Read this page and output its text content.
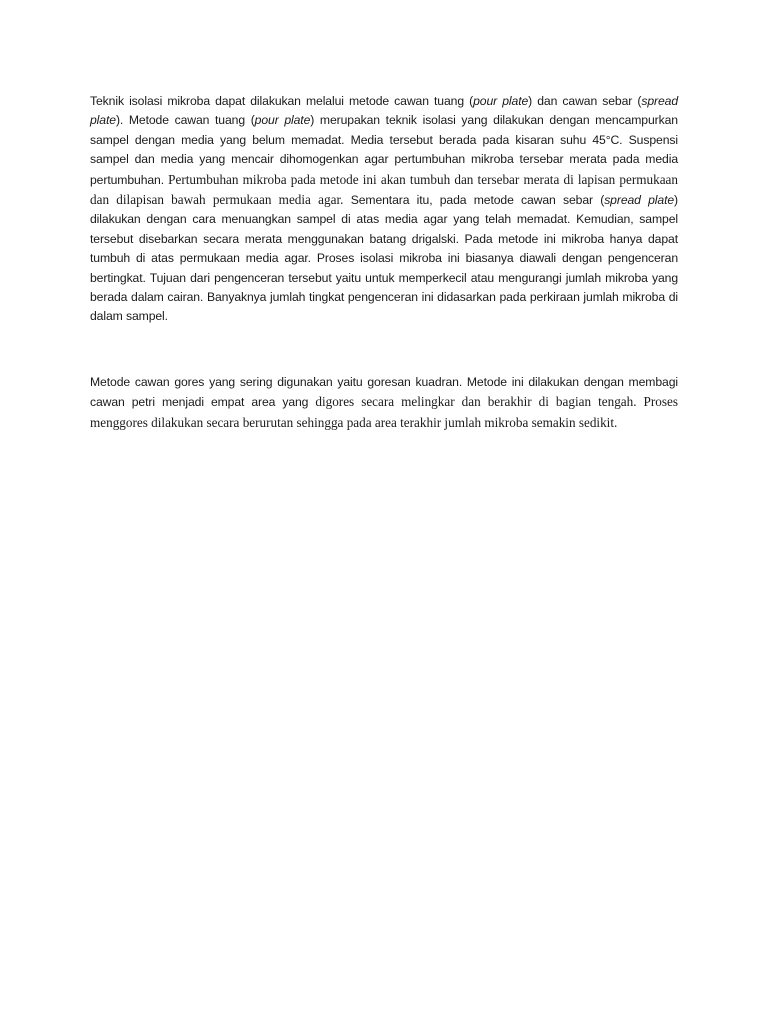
Teknik isolasi mikroba dapat dilakukan melalui metode cawan tuang (pour plate) dan cawan sebar (spread plate). Metode cawan tuang (pour plate) merupakan teknik isolasi yang dilakukan dengan mencampurkan sampel dengan media yang belum memadat. Media tersebut berada pada kisaran suhu 45°C. Suspensi sampel dan media yang mencair dihomogenkan agar pertumbuhan mikroba tersebar merata pada media pertumbuhan. Pertumbuhan mikroba pada metode ini akan tumbuh dan tersebar merata di lapisan permukaan dan dilapisan bawah permukaan media agar. Sementara itu, pada metode cawan sebar (spread plate) dilakukan dengan cara menuangkan sampel di atas media agar yang telah memadat. Kemudian, sampel tersebut disebarkan secara merata menggunakan batang drigalski. Pada metode ini mikroba hanya dapat tumbuh di atas permukaan media agar. Proses isolasi mikroba ini biasanya diawali dengan pengenceran bertingkat. Tujuan dari pengenceran tersebut yaitu untuk memperkecil atau mengurangi jumlah mikroba yang berada dalam cairan. Banyaknya jumlah tingkat pengenceran ini didasarkan pada perkiraan jumlah mikroba di dalam sampel.

Metode cawan gores yang sering digunakan yaitu goresan kuadran. Metode ini dilakukan dengan membagi cawan petri menjadi empat area yang digores secara melingkar dan berakhir di bagian tengah. Proses menggores dilakukan secara berurutan sehingga pada area terakhir jumlah mikroba semakin sedikit.
